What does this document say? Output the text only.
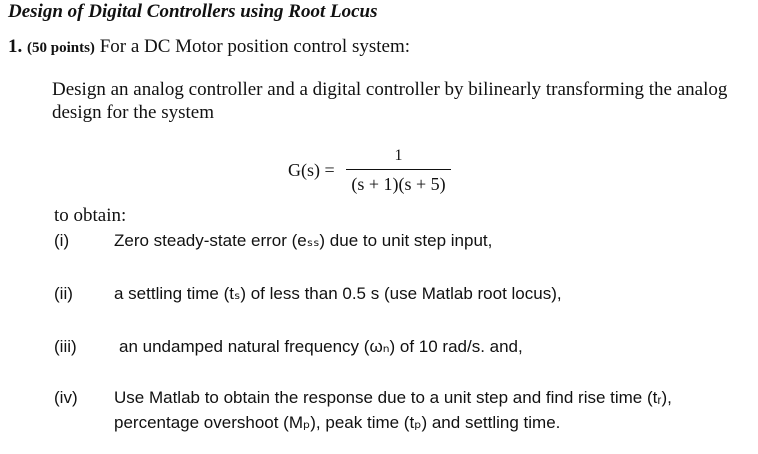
Design of Digital Controllers using Root Locus
1. (50 points) For a DC Motor position control system:
Design an analog controller and a digital controller by bilinearly transforming the analog design for the system
G(s) =
1
(s + 1)(s + 5)
to obtain:
(i)	Zero steady-state error (eₛₛ) due to unit step input,
(ii) a settling time (tₛ) of less than 0.5 s (use Matlab root locus),
(iii) an undamped natural frequency (ωₙ) of 10 rad/s. and,
(iv) Use Matlab to obtain the response due to a unit step and find rise time (tᵣ), percentage overshoot (Mₚ), peak time (tₚ) and settling time.
